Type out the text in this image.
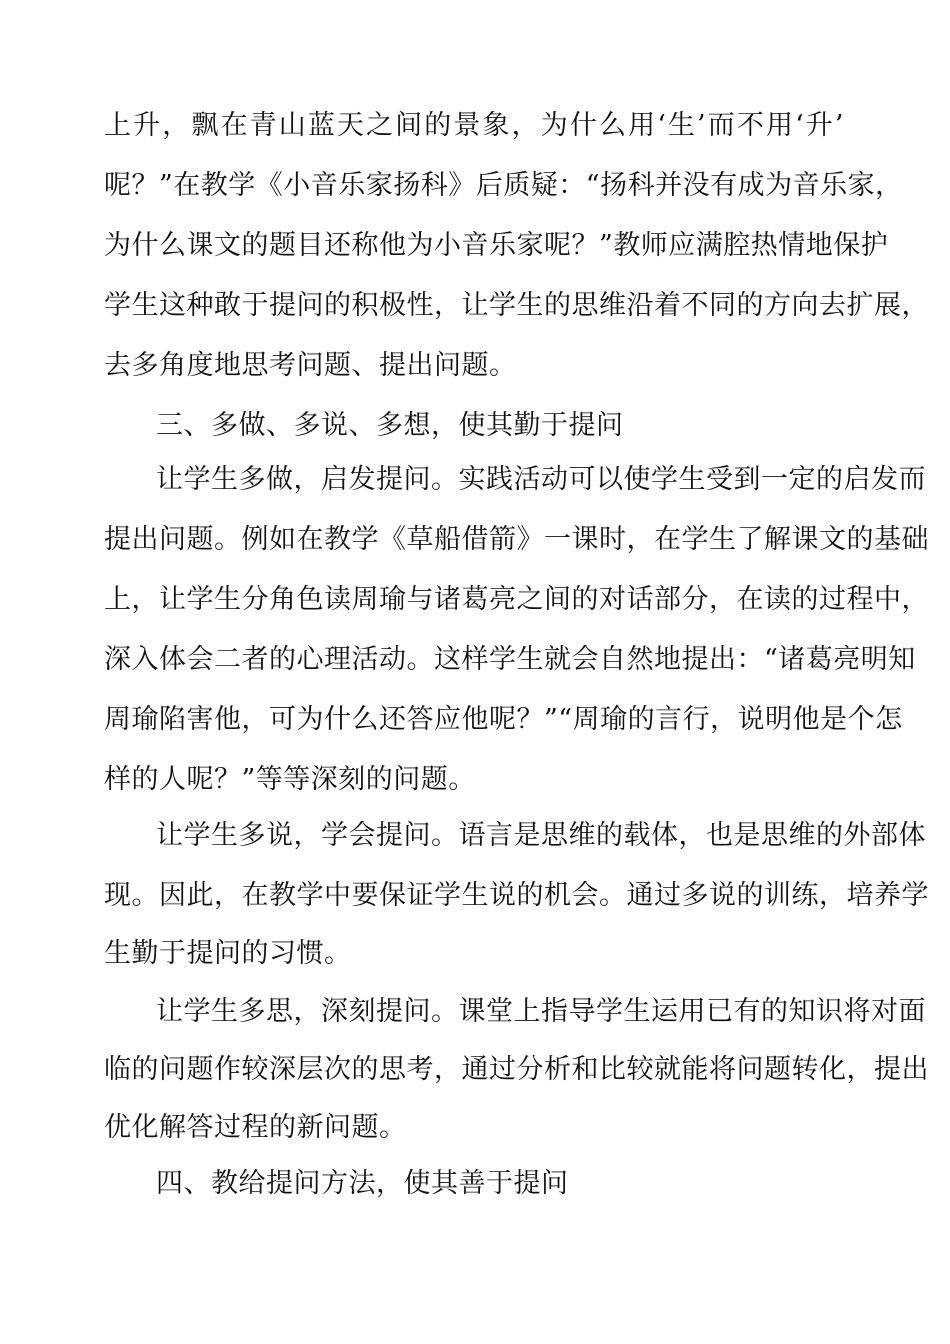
上升，飘在青山蓝天之间的景象，为什么用‘生’而不用‘升’
呢？”在教学《小音乐家扬科》后质疑：“扬科并没有成为音乐家，
为什么课文的题目还称他为小音乐家呢？”教师应满腔热情地保护
学生这种敢于提问的积极性，让学生的思维沿着不同的方向去扩展，
去多角度地思考问题、提出问题。
三、多做、多说、多想，使其勤于提问
让学生多做，启发提问。实践活动可以使学生受到一定的启发而
提出问题。例如在教学《草船借箭》一课时，在学生了解课文的基础
上，让学生分角色读周瑜与诸葛亮之间的对话部分，在读的过程中，
深入体会二者的心理活动。这样学生就会自然地提出：“诸葛亮明知
周瑜陷害他，可为什么还答应他呢？”“周瑜的言行，说明他是个怎
样的人呢？”等等深刻的问题。
让学生多说，学会提问。语言是思维的载体，也是思维的外部体
现。因此，在教学中要保证学生说的机会。通过多说的训练，培养学
生勤于提问的习惯。
让学生多思，深刻提问。课堂上指导学生运用已有的知识将对面
临的问题作较深层次的思考，通过分析和比较就能将问题转化，提出
优化解答过程的新问题。
四、教给提问方法，使其善于提问
